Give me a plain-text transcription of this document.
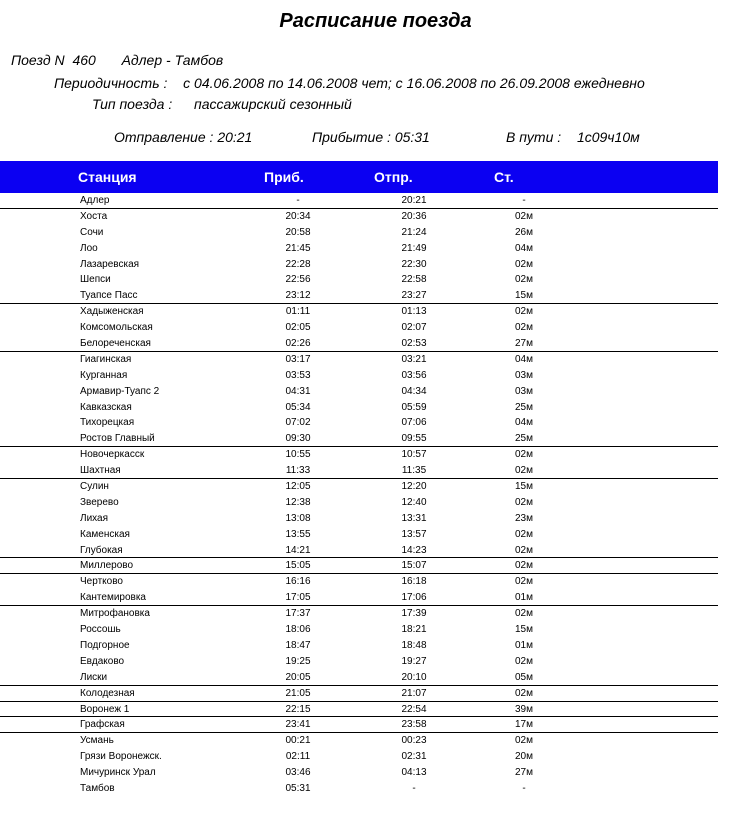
Расписание поезда
Поезд N 460 Адлер - Тамбов
Периодичность : с 04.06.2008 по 14.06.2008 чет; с 16.06.2008 по 26.09.2008 ежедневно
Тип поезда : пассажирский сезонный
Отправление : 20:21	Прибытие : 05:31	В пути : 1c09ч10м
Станция	Приб.	Отпр.	Ст.
Адлер	-	20:21	-
Хоста	20:34	20:36	02м
Сочи	20:58	21:24	26м
Лоо	21:45	21:49	04м
Лазаревская	22:28	22:30	02м
Шепси	22:56	22:58	02м
Туапсе Пасс	23:12	23:27	15м
Хадыженская	01:11	01:13	02м
Комсомольская	02:05	02:07	02м
Белореченская	02:26	02:53	27м
Гиагинская	03:17	03:21	04м
Курганная	03:53	03:56	03м
Армавир-Туапс 2	04:31	04:34	03м
Кавказская	05:34	05:59	25м
Тихорецкая	07:02	07:06	04м
Ростов Главный	09:30	09:55	25м
Новочеркасск	10:55	10:57	02м
Шахтная	11:33	11:35	02м
Сулин	12:05	12:20	15м
Зверево	12:38	12:40	02м
Лихая	13:08	13:31	23м
Каменская	13:55	13:57	02м
Глубокая	14:21	14:23	02м
Миллерово	15:05	15:07	02м
Чертково	16:16	16:18	02м
Кантемировка	17:05	17:06	01м
Митрофановка	17:37	17:39	02м
Россошь	18:06	18:21	15м
Подгорное	18:47	18:48	01м
Евдаково	19:25	19:27	02м
Лиски	20:05	20:10	05м
Колодезная	21:05	21:07	02м
Воронеж 1	22:15	22:54	39м
Графская	23:41	23:58	17м
Усмань	00:21	00:23	02м
Грязи Воронежск.	02:11	02:31	20м
Мичуринск Урал	03:46	04:13	27м
Тамбов	05:31	-	-
